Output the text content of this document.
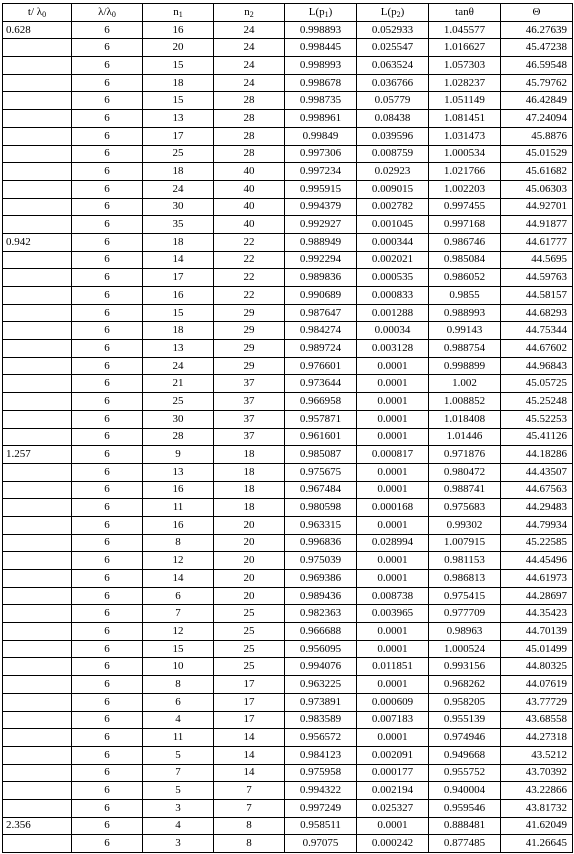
t/ $\lambda_0$	$\lambda/\lambda_0$	$n_1$	$n_2$	$L(p_1)$	$L(p_2)$	tanθ	Θ
0.628	6	16	24	0.998893	0.052933	1.045577	46.27639
	6	20	24	0.998445	0.025547	1.016627	45.47238
	6	15	24	0.998993	0.063524	1.057303	46.59548
	6	18	24	0.998678	0.036766	1.028237	45.79762
	6	15	28	0.998735	0.05779	1.051149	46.42849
	6	13	28	0.998961	0.08438	1.081451	47.24094
	6	17	28	0.99849	0.039596	1.031473	45.8876
	6	25	28	0.997306	0.008759	1.000534	45.01529
	6	18	40	0.997234	0.02923	1.021766	45.61682
	6	24	40	0.995915	0.009015	1.002203	45.06303
	6	30	40	0.994379	0.002782	0.997455	44.92701
	6	35	40	0.992927	0.001045	0.997168	44.91877
0.942	6	18	22	0.988949	0.000344	0.986746	44.61777
	6	14	22	0.992294	0.002021	0.985084	44.5695
	6	17	22	0.989836	0.000535	0.986052	44.59763
	6	16	22	0.990689	0.000833	0.9855	44.58157
	6	15	29	0.987647	0.001288	0.988993	44.68293
	6	18	29	0.984274	0.00034	0.99143	44.75344
	6	13	29	0.989724	0.003128	0.988754	44.67602
	6	24	29	0.976601	0.0001	0.998899	44.96843
	6	21	37	0.973644	0.0001	1.002	45.05725
	6	25	37	0.966958	0.0001	1.008852	45.25248
	6	30	37	0.957871	0.0001	1.018408	45.52253
	6	28	37	0.961601	0.0001	1.01446	45.41126
1.257	6	9	18	0.985087	0.000817	0.971876	44.18286
	6	13	18	0.975675	0.0001	0.980472	44.43507
	6	16	18	0.967484	0.0001	0.988741	44.67563
	6	11	18	0.980598	0.000168	0.975683	44.29483
	6	16	20	0.963315	0.0001	0.99302	44.79934
	6	8	20	0.996836	0.028994	1.007915	45.22585
	6	12	20	0.975039	0.0001	0.981153	44.45496
	6	14	20	0.969386	0.0001	0.986813	44.61973
	6	6	20	0.989436	0.008738	0.975415	44.28697
	6	7	25	0.982363	0.003965	0.977709	44.35423
	6	12	25	0.966688	0.0001	0.98963	44.70139
	6	15	25	0.956095	0.0001	1.000524	45.01499
	6	10	25	0.994076	0.011851	0.993156	44.80325
	6	8	17	0.963225	0.0001	0.968262	44.07619
	6	6	17	0.973891	0.000609	0.958205	43.77729
	6	4	17	0.983589	0.007183	0.955139	43.68558
	6	11	14	0.956572	0.0001	0.974946	44.27318
	6	5	14	0.984123	0.002091	0.949668	43.5212
	6	7	14	0.975958	0.000177	0.955752	43.70392
	6	5	7	0.994322	0.002194	0.940004	43.22866
	6	3	7	0.997249	0.025327	0.959546	43.81732
2.356	6	4	8	0.958511	0.0001	0.888481	41.62049
	6	3	8	0.97075	0.000242	0.877485	41.26645
